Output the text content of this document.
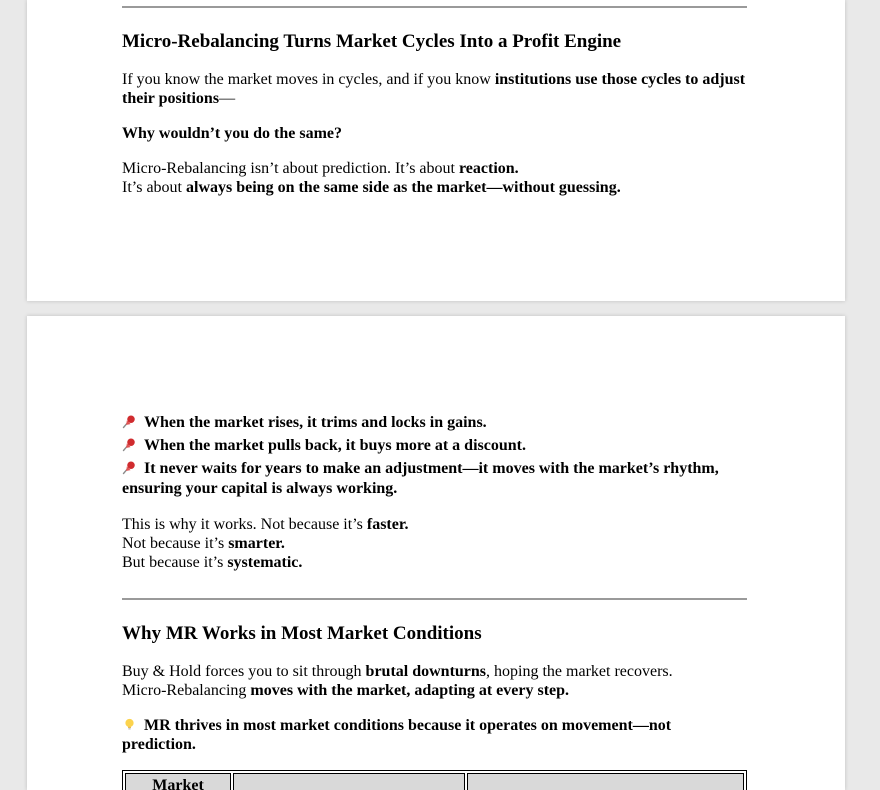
Micro-Rebalancing Turns Market Cycles Into a Profit Engine

If you know the market moves in cycles, and if you know institutions use those cycles to adjust their positions—

Why wouldn’t you do the same?

Micro-Rebalancing isn’t about prediction. It’s about reaction.
It’s about always being on the same side as the market—without guessing.

When the market rises, it trims and locks in gains.

When the market pulls back, it buys more at a discount.

It never waits for years to make an adjustment—it moves with the market’s rhythm, ensuring your capital is always working.

This is why it works. Not because it’s faster.
Not because it’s smarter.
But because it’s systematic.

Why MR Works in Most Market Conditions

Buy & Hold forces you to sit through brutal downturns, hoping the market recovers.
Micro-Rebalancing moves with the market, adapting at every step.

MR thrives in most market conditions because it operates on movement—not prediction.

Market		
